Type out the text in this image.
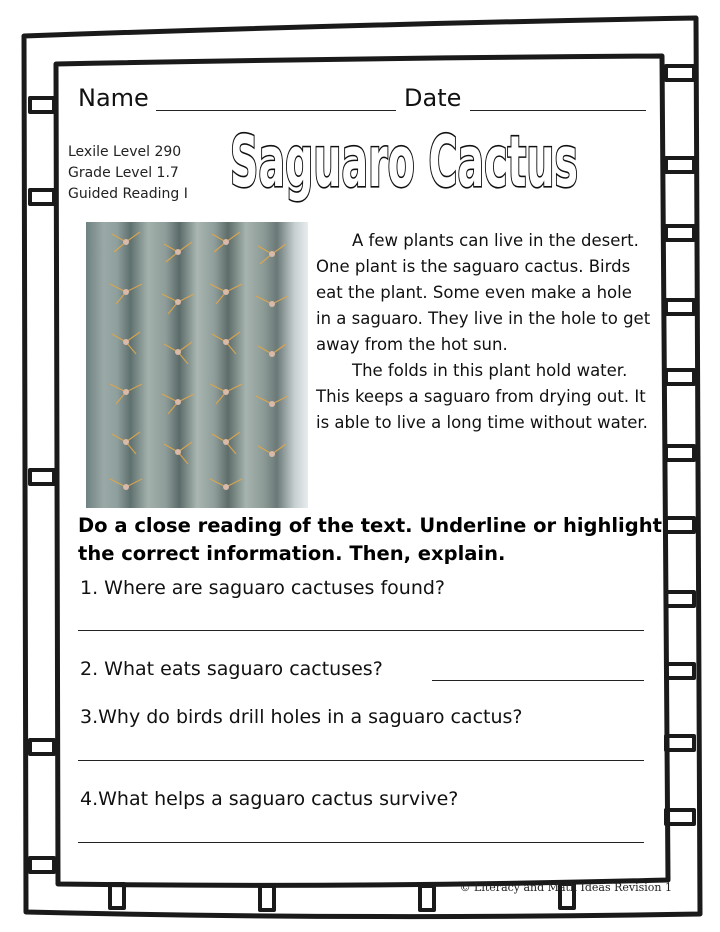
Name	Date
Lexile Level 290
Grade Level 1.7
Guided Reading I Saguaro Cactus

A few plants can live in the desert. One plant is the saguaro cactus. Birds eat the plant. Some even make a hole in a saguaro. They live in the hole to get away from the hot sun.

The folds in this plant hold water. This keeps a saguaro from drying out. It is able to live a long time without water.

Do a close reading of the text. Underline or highlight the correct information. Then, explain.
1. Where are saguaro cactuses found?
2. What eats saguaro cactuses?
3.Why do birds drill holes in a saguaro cactus?
4.What helps a saguaro cactus survive?
© Literacy and Math Ideas Revision 1
